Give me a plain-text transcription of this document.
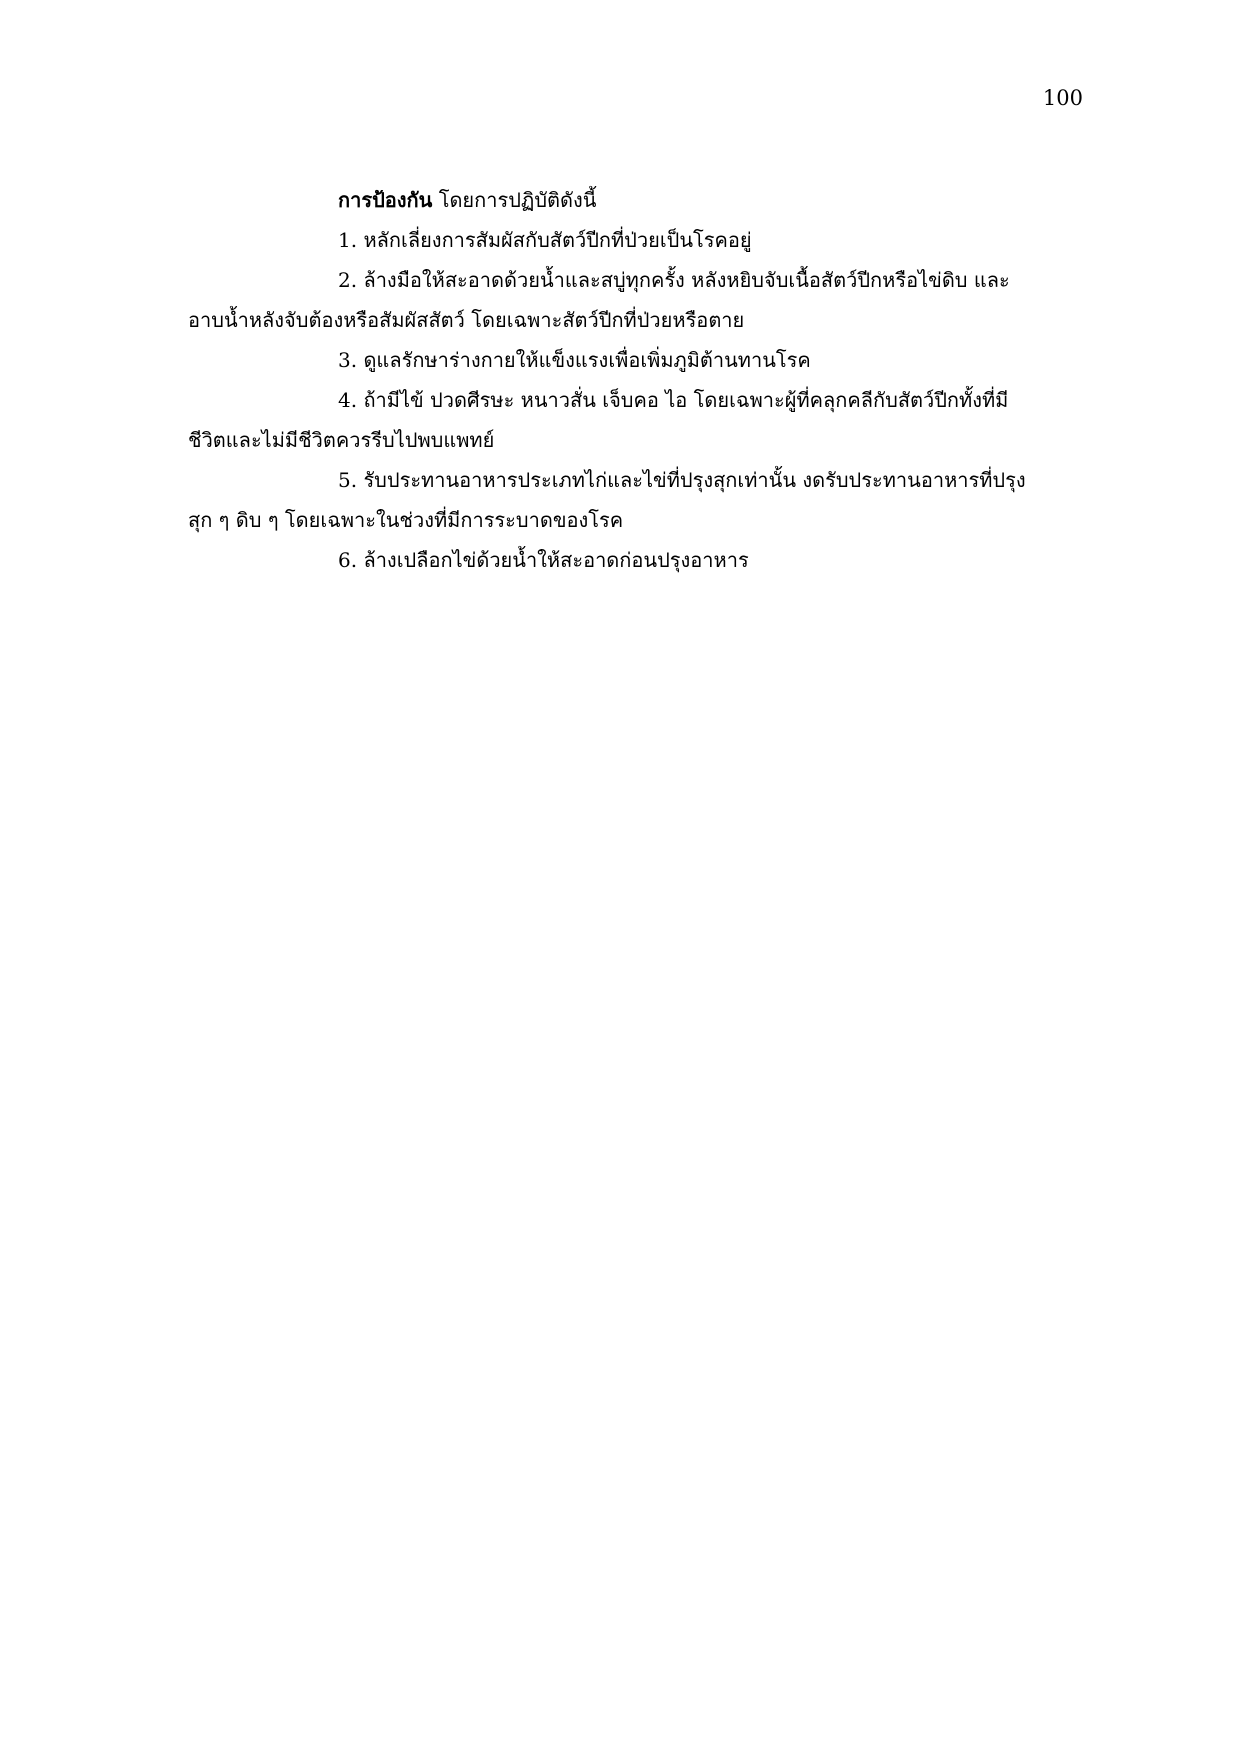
100
การป้องกัน โดยการปฏิบัติดังนี้
1. หลักเลี่ยงการสัมผัสกับสัตว์ปีกที่ป่วยเป็นโรคอยู่
2. ล้างมือให้สะอาดด้วยน้ำและสบู่ทุกครั้ง หลังหยิบจับเนื้อสัตว์ปีกหรือไข่ดิบ และ
อาบน้ำหลังจับต้องหรือสัมผัสสัตว์ โดยเฉพาะสัตว์ปีกที่ป่วยหรือตาย
3. ดูแลรักษาร่างกายให้แข็งแรงเพื่อเพิ่มภูมิต้านทานโรค
4. ถ้ามีไข้ ปวดศีรษะ หนาวสั่น เจ็บคอ ไอ โดยเฉพาะผู้ที่คลุกคลีกับสัตว์ปีกทั้งที่มี
ชีวิตและไม่มีชีวิตควรรีบไปพบแพทย์
5. รับประทานอาหารประเภทไก่และไข่ที่ปรุงสุกเท่านั้น งดรับประทานอาหารที่ปรุง
สุก ๆ ดิบ ๆ โดยเฉพาะในช่วงที่มีการระบาดของโรค
6. ล้างเปลือกไข่ด้วยน้ำให้สะอาดก่อนปรุงอาหาร
